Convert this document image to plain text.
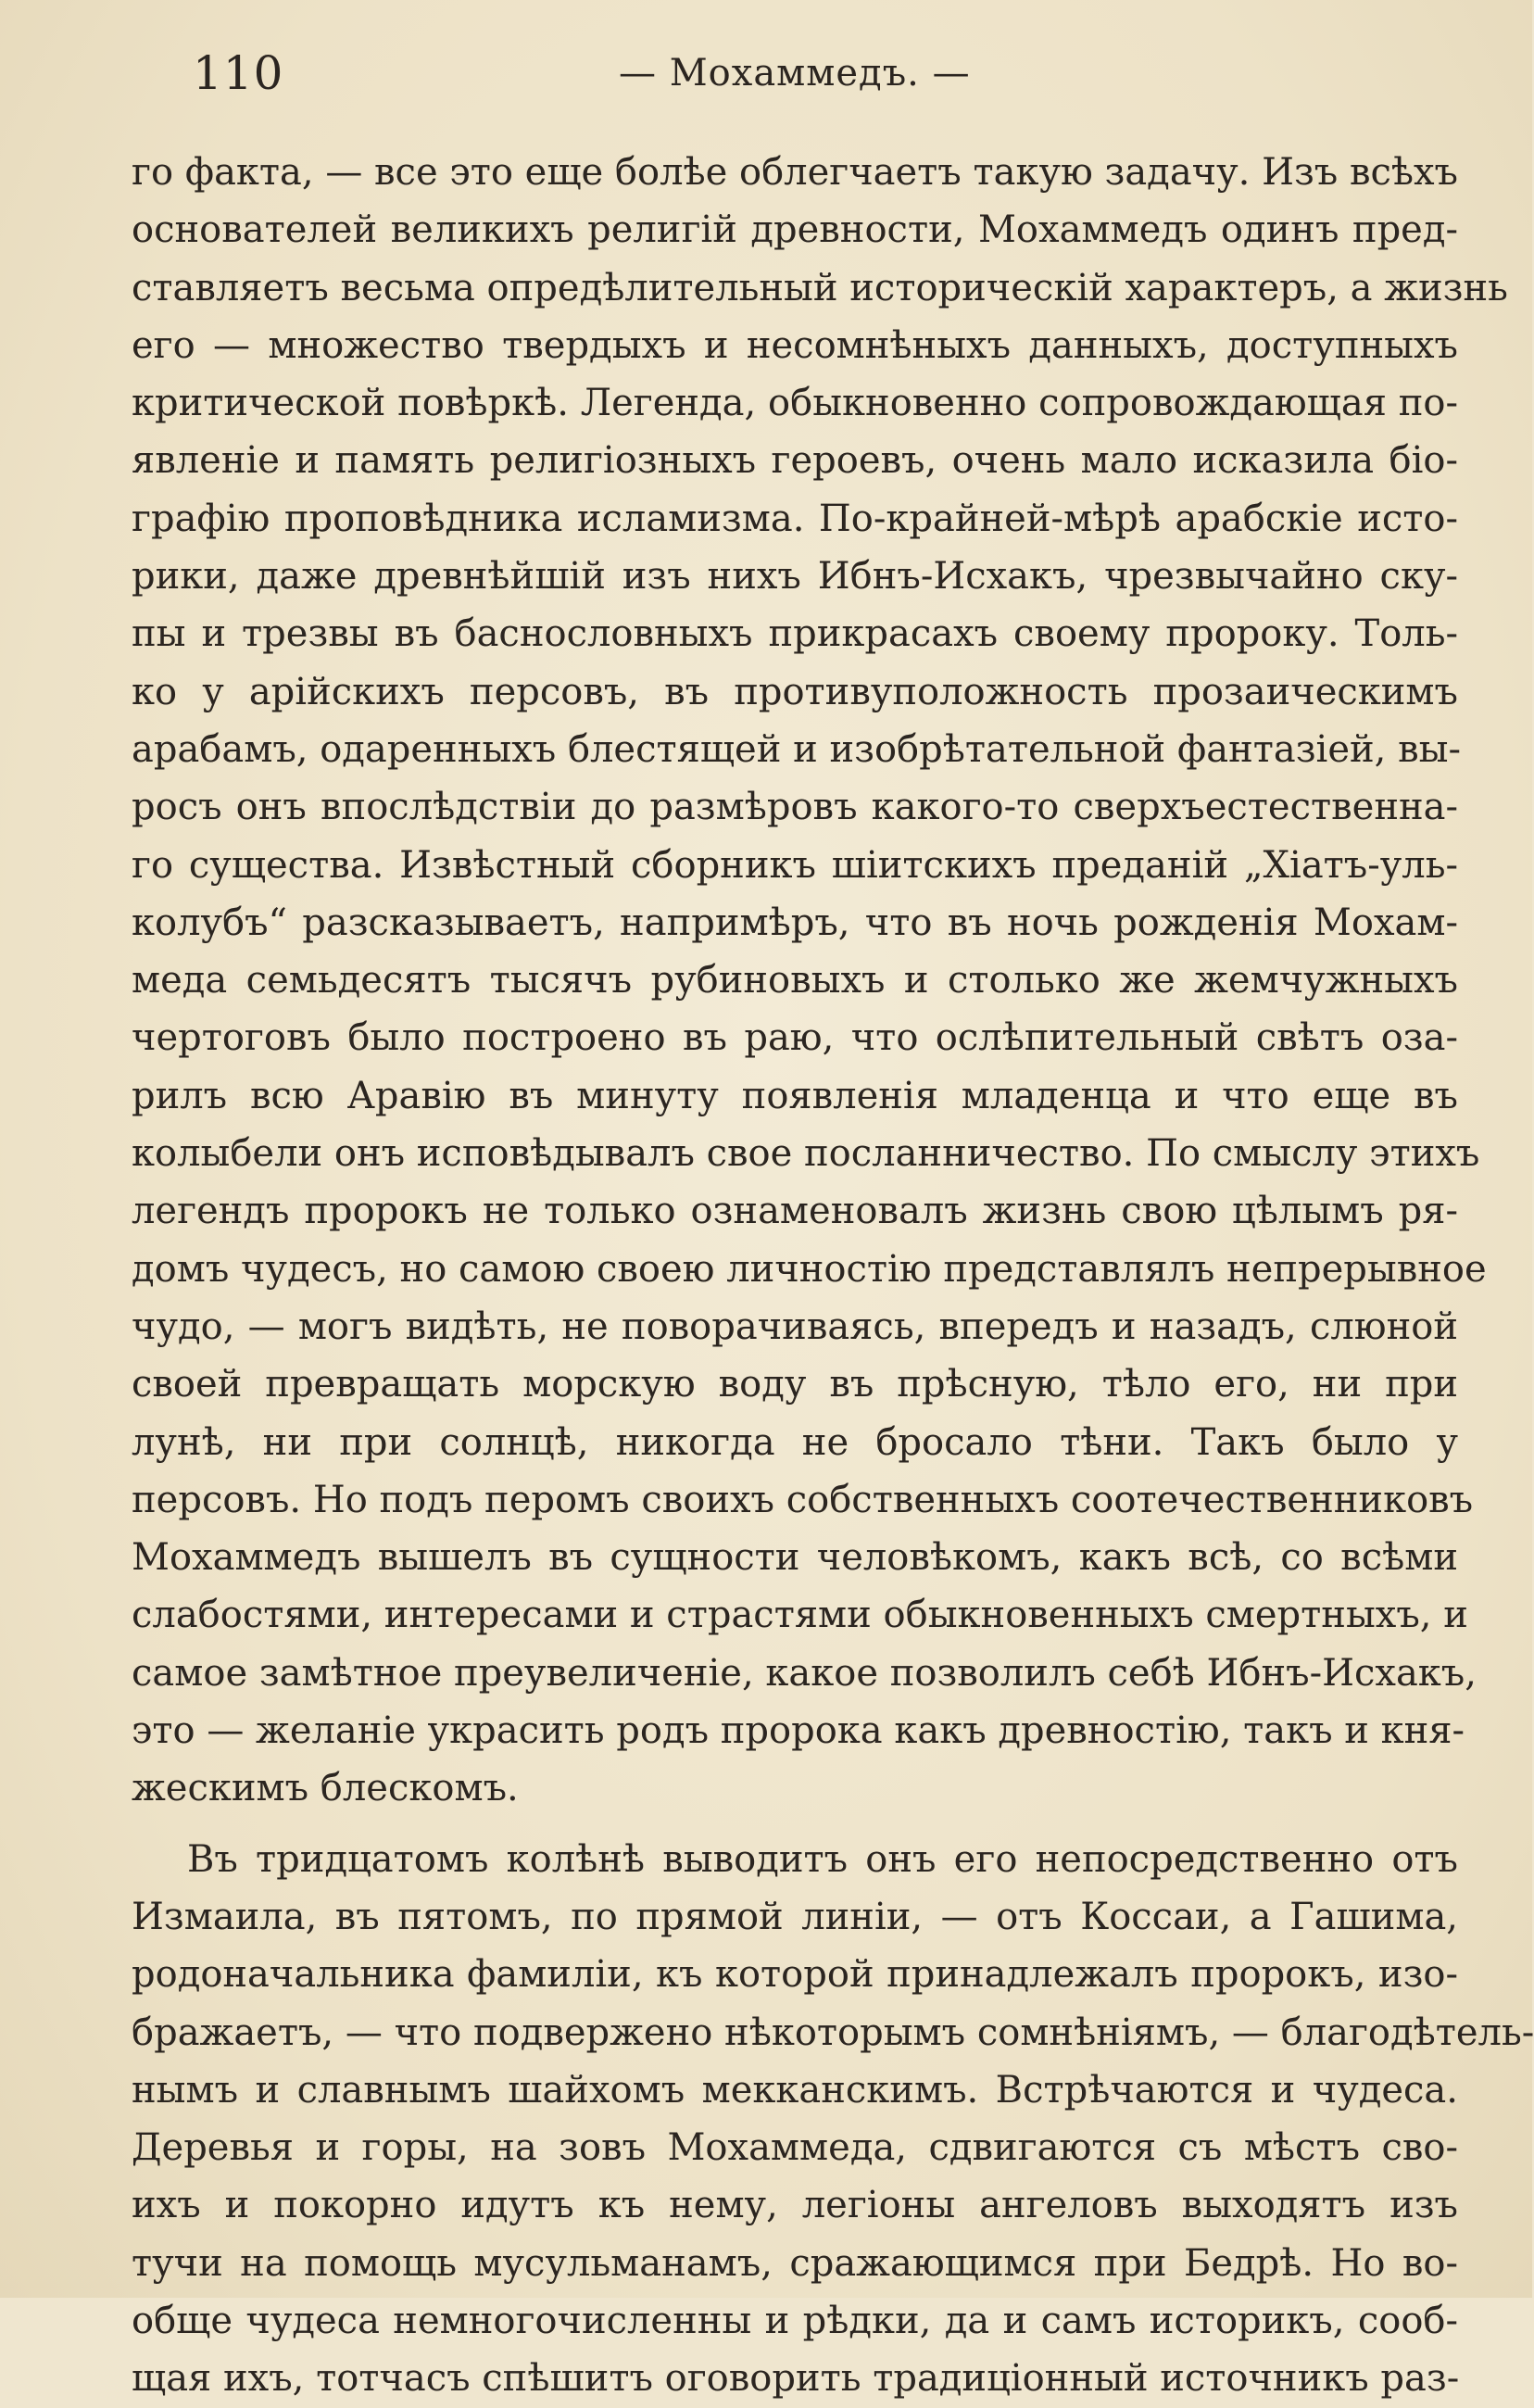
110	— Мохаммедъ. —
го факта, — все это еще болѣе облегчаетъ такую задачу. Изъ всѣхъ
основателей великихъ религій древности, Мохаммедъ одинъ пред-
ставляетъ весьма опредѣлительный историческій характеръ, а жизнь
его — множество твердыхъ и несомнѣныхъ данныхъ, доступныхъ
критической повѣркѣ. Легенда, обыкновенно сопровождающая по-
явленіе и память религіозныхъ героевъ, очень мало исказила біо-
графію проповѣдника исламизма. По-крайней-мѣрѣ арабскіе исто-
рики, даже древнѣйшій изъ нихъ Ибнъ-Исхакъ, чрезвычайно ску-
пы и трезвы въ баснословныхъ прикрасахъ своему пророку. Толь-
ко у арійскихъ персовъ, въ противуположность прозаическимъ
арабамъ, одаренныхъ блестящей и изобрѣтательной фантазіей, вы-
росъ онъ впослѣдствіи до размѣровъ какого-то сверхъестественна-
го существа. Извѣстный сборникъ шіитскихъ преданій „Хіатъ-уль-
колубъ“ разсказываетъ, напримѣръ, что въ ночь рожденія Мохам-
меда семьдесятъ тысячъ рубиновыхъ и столько же жемчужныхъ
чертоговъ было построено въ раю, что ослѣпительный свѣтъ оза-
рилъ всю Аравію въ минуту появленія младенца и что еще въ
колыбели онъ исповѣдывалъ свое посланничество. По смыслу этихъ
легендъ пророкъ не только ознаменовалъ жизнь свою цѣлымъ ря-
домъ чудесъ, но самою своею личностію представлялъ непрерывное
чудо, — могъ видѣть, не поворачиваясь, впередъ и назадъ, слюной
своей превращать морскую воду въ прѣсную, тѣло его, ни при
лунѣ, ни при солнцѣ, никогда не бросало тѣни. Такъ было у
персовъ. Но подъ перомъ своихъ собственныхъ соотечественниковъ
Мохаммедъ вышелъ въ сущности человѣкомъ, какъ всѣ, со всѣми
слабостями, интересами и страстями обыкновенныхъ смертныхъ, и
самое замѣтное преувеличеніе, какое позволилъ себѣ Ибнъ-Исхакъ,
это — желаніе украсить родъ пророка какъ древностію, такъ и кня-
жескимъ блескомъ.
Въ тридцатомъ колѣнѣ выводитъ онъ его непосредственно отъ
Измаила, въ пятомъ, по прямой линіи, — отъ Коссаи, а Гашима,
родоначальника фамиліи, къ которой принадлежалъ пророкъ, изо-
бражаетъ, — что подвержено нѣкоторымъ сомнѣніямъ, — благодѣтель-
нымъ и славнымъ шайхомъ мекканскимъ. Встрѣчаются и чудеса.
Деревья и горы, на зовъ Мохаммеда, сдвигаются съ мѣстъ сво-
ихъ и покорно идутъ къ нему, легіоны ангеловъ выходятъ изъ
тучи на помощь мусульманамъ, сражающимся при Бедрѣ. Но во-
обще чудеса немногочисленны и рѣдки, да и самъ историкъ, сооб-
щая ихъ, тотчасъ спѣшитъ оговорить традиціонный источникъ раз-
